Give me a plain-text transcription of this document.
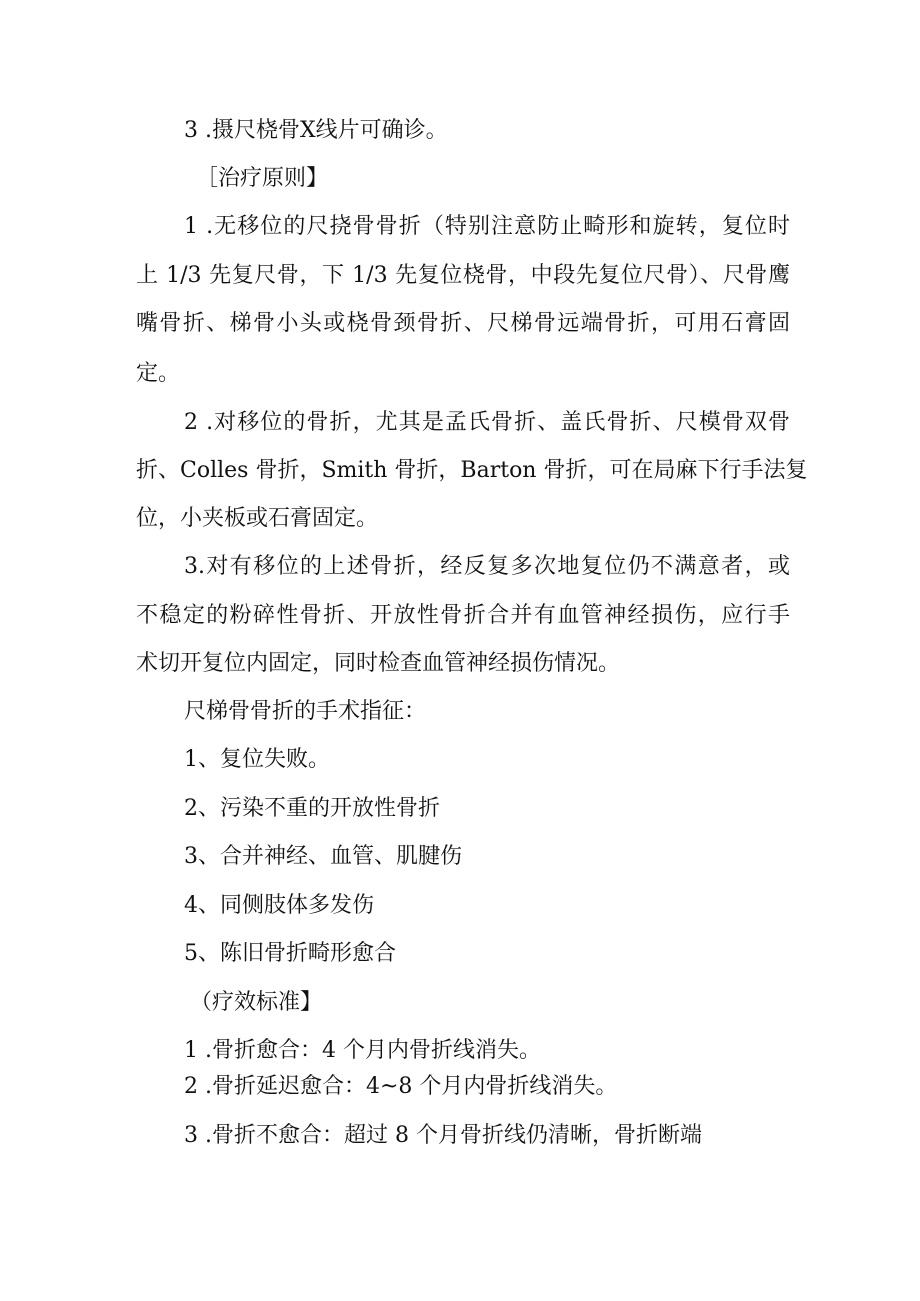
3 .摄尺桡骨X线片可确诊。
［治疗原则】
1 .无移位的尺挠骨骨折（特别注意防止畸形和旋转，复位时
上 1/3 先复尺骨，下 1/3 先复位桡骨，中段先复位尺骨）、尺骨鹰
嘴骨折、梯骨小头或桡骨颈骨折、尺梯骨远端骨折，可用石膏固
定。
2 .对移位的骨折，尤其是孟氏骨折、盖氏骨折、尺模骨双骨
折、Colles 骨折，Smith 骨折，Barton 骨折，可在局麻下行手法复
位，小夹板或石膏固定。
3.对有移位的上述骨折，经反复多次地复位仍不满意者，或
不稳定的粉碎性骨折、开放性骨折合并有血管神经损伤，应行手
术切开复位内固定，同时检查血管神经损伤情况。
尺梯骨骨折的手术指征：
1、复位失败。
2、污染不重的开放性骨折
3、合并神经、血管、肌腱伤
4、同侧肢体多发伤
5、陈旧骨折畸形愈合
（疗效标准】
1 .骨折愈合：4 个月内骨折线消失。
2 .骨折延迟愈合：4~8 个月内骨折线消失。
3 .骨折不愈合：超过 8 个月骨折线仍清晰，骨折断端
